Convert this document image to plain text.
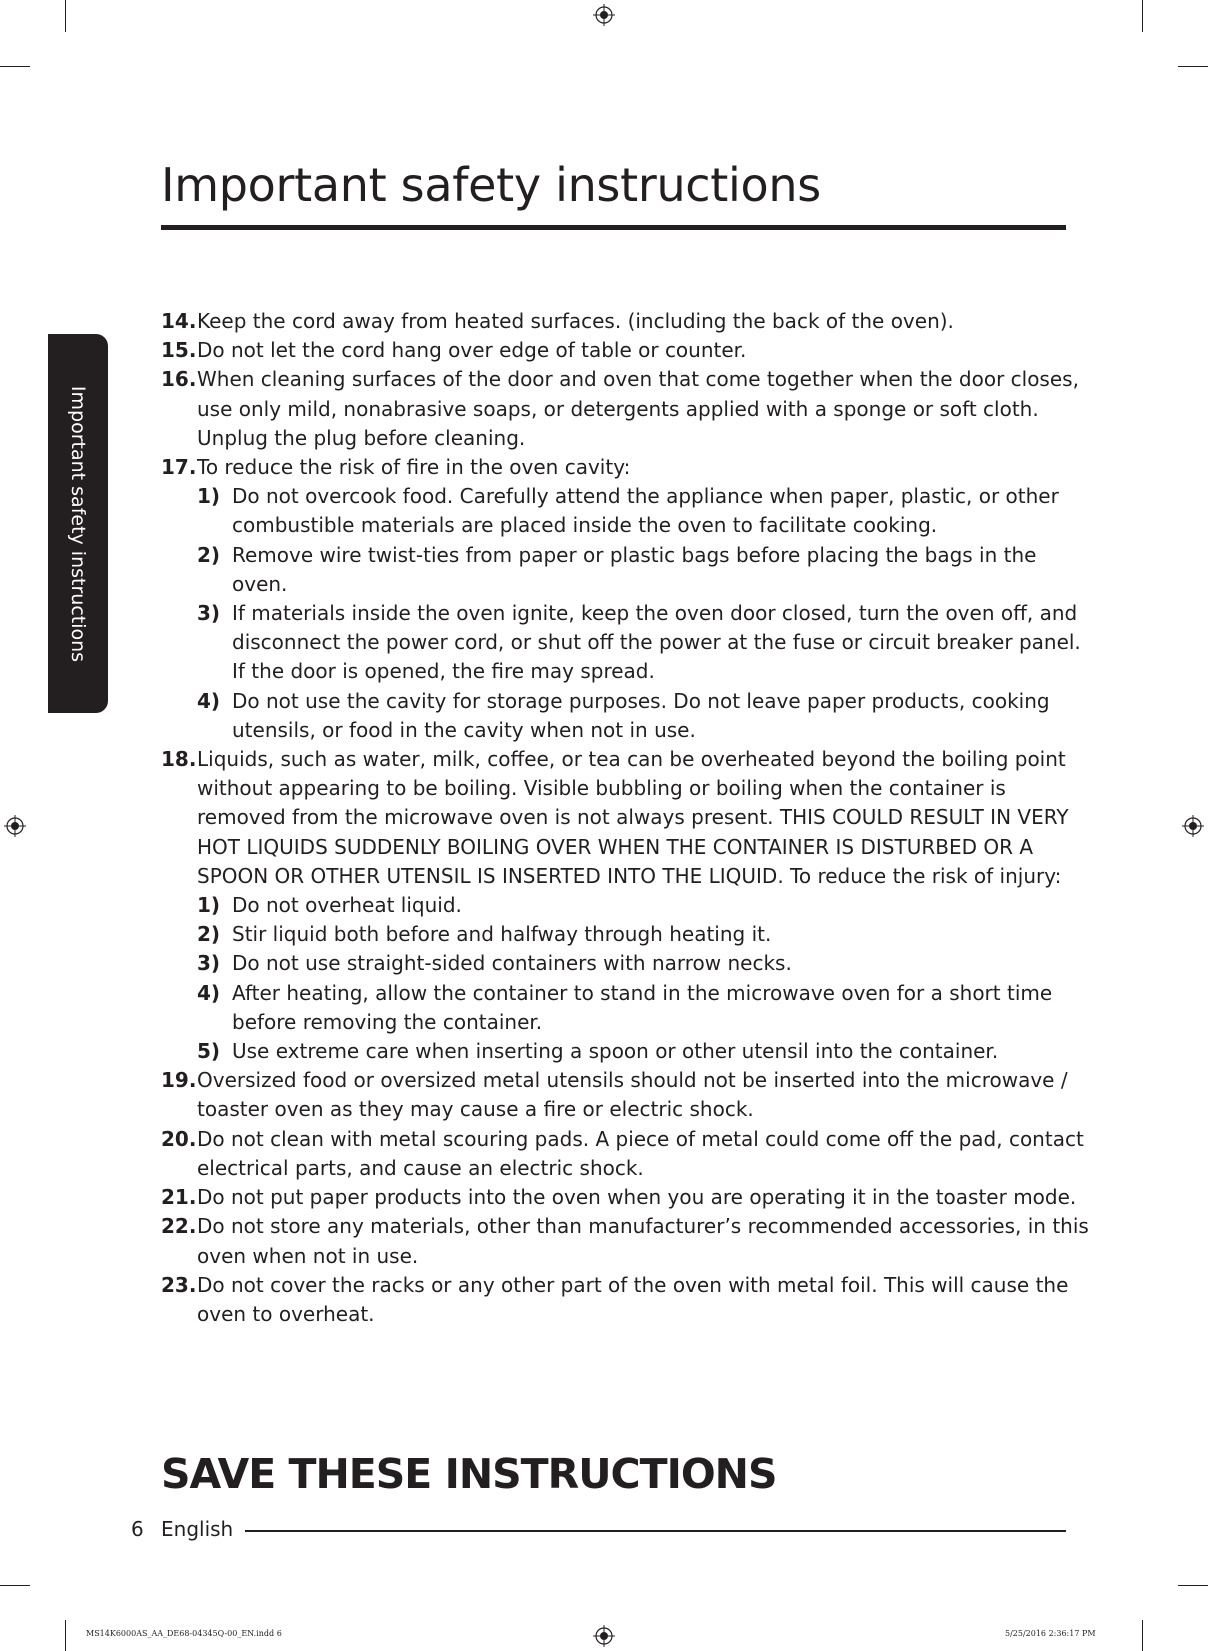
Important safety instructions
Important safety instructions
14. Keep the cord away from heated surfaces. (including the back of the oven).
15. Do not let the cord hang over edge of table or counter.
16. When cleaning surfaces of the door and oven that come together when the door closes, use only mild, nonabrasive soaps, or detergents applied with a sponge or soft cloth. Unplug the plug before cleaning.
17. To reduce the risk of fire in the oven cavity:
1) Do not overcook food. Carefully attend the appliance when paper, plastic, or other combustible materials are placed inside the oven to facilitate cooking.
2) Remove wire twist-ties from paper or plastic bags before placing the bags in the oven.
3) If materials inside the oven ignite, keep the oven door closed, turn the oven off, and disconnect the power cord, or shut off the power at the fuse or circuit breaker panel. If the door is opened, the fire may spread.
4) Do not use the cavity for storage purposes. Do not leave paper products, cooking utensils, or food in the cavity when not in use.
18. Liquids, such as water, milk, coffee, or tea can be overheated beyond the boiling point without appearing to be boiling. Visible bubbling or boiling when the container is removed from the microwave oven is not always present. THIS COULD RESULT IN VERY HOT LIQUIDS SUDDENLY BOILING OVER WHEN THE CONTAINER IS DISTURBED OR A SPOON OR OTHER UTENSIL IS INSERTED INTO THE LIQUID. To reduce the risk of injury:
1) Do not overheat liquid.
2) Stir liquid both before and halfway through heating it.
3) Do not use straight-sided containers with narrow necks.
4) After heating, allow the container to stand in the microwave oven for a short time before removing the container.
5) Use extreme care when inserting a spoon or other utensil into the container.
19. Oversized food or oversized metal utensils should not be inserted into the microwave / toaster oven as they may cause a fire or electric shock.
20. Do not clean with metal scouring pads. A piece of metal could come off the pad, contact electrical parts, and cause an electric shock.
21. Do not put paper products into the oven when you are operating it in the toaster mode.
22. Do not store any materials, other than manufacturer’s recommended accessories, in this oven when not in use.
23. Do not cover the racks or any other part of the oven with metal foil. This will cause the oven to overheat.
SAVE THESE INSTRUCTIONS
6 English
MS14K6000AS_AA_DE68-04345Q-00_EN.indd 6	5/25/2016 2:36:17 PM
